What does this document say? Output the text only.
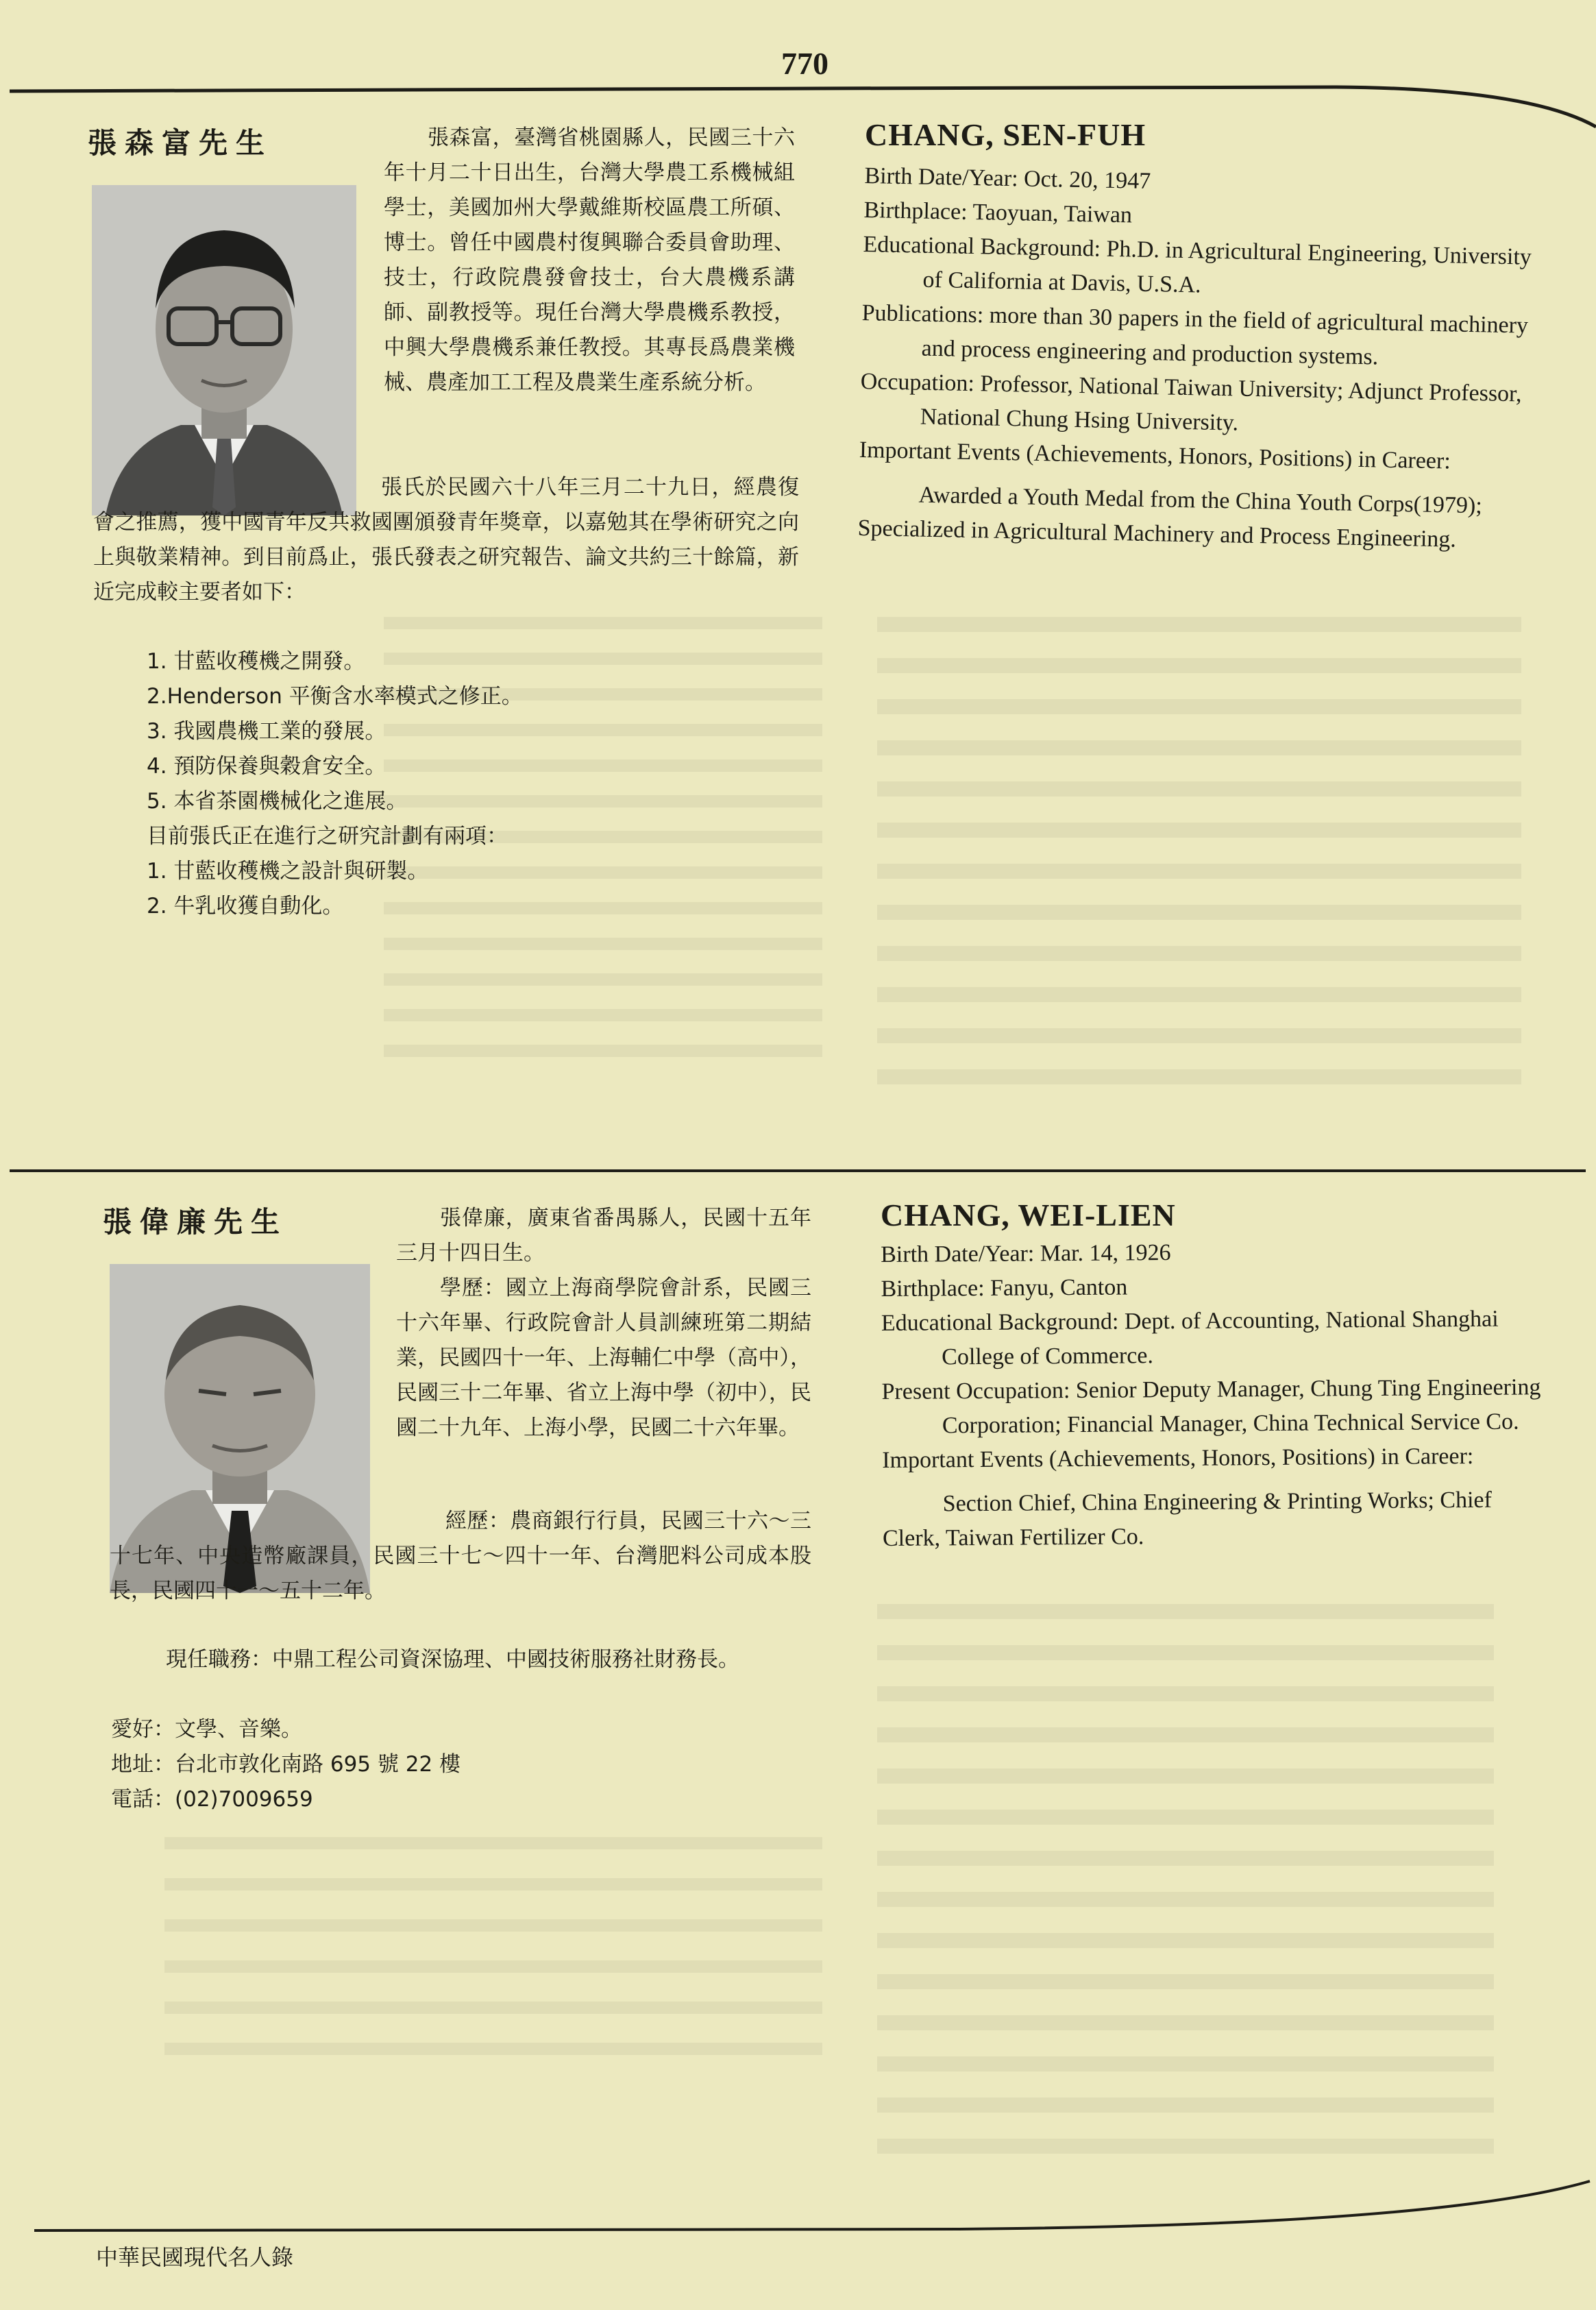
770
張森富先生	張森富，臺灣省桃園縣人，民國三十六年十月二十日出生，台灣大學農工系機械組學士，美國加州大學戴維斯校區農工所碩、博士。曾任中國農村復興聯合委員會助理、技士，行政院農發會技士，台大農機系講師、副教授等。現任台灣大學農機系教授，中興大學農機系兼任教授。其專長爲農業機械、農產加工工程及農業生產系統分析。

張氏於民國六十八年三月二十九日，經農復會之推薦，獲中國青年反共救國團頒發青年獎章，以嘉勉其在學術研究之向上與敬業精神。到目前爲止，張氏發表之研究報告、論文共約三十餘篇，新近完成較主要者如下：

1. 甘藍收穫機之開發。
2.Henderson 平衡含水率模式之修正。
3. 我國農機工業的發展。
4. 預防保養與穀倉安全。
5. 本省茶園機械化之進展。
目前張氏正在進行之研究計劃有兩項：
1. 甘藍收穫機之設計與研製。
2. 牛乳收獲自動化。
CHANG, SEN-FUH

Birth Date/Year: Oct. 20, 1947

Birthplace: Taoyuan, Taiwan

Educational Background: Ph.D. in Agricultural Engineering, University of California at Davis, U.S.A.

Publications: more than 30 papers in the field of agricultural machinery and process engineering and production systems.

Occupation: Professor, National Taiwan University; Adjunct Professor, National Chung Hsing University.

Important Events (Achievements, Honors, Positions) in Career:

Awarded a Youth Medal from the China Youth Corps(1979); Specialized in Agricultural Machinery and Process Engineering.

張偉廉先生	張偉廉，廣東省番禺縣人，民國十五年三月十四日生。

學歷：國立上海商學院會計系，民國三十六年畢、行政院會計人員訓練班第二期結業，民國四十一年、上海輔仁中學（高中），民國三十二年畢、省立上海中學（初中），民國二十九年、上海小學，民國二十六年畢。

經歷：農商銀行行員，民國三十六～三十七年、中央造幣廠課員，民國三十七～四十一年、台灣肥料公司成本股長，民國四十一～五十二年。

現任職務：中鼎工程公司資深協理、中國技術服務社財務長。

愛好：文學、音樂。
地址：台北市敦化南路 695 號 22 樓
電話：(02)7009659
CHANG, WEI-LIEN

Birth Date/Year: Mar. 14, 1926

Birthplace: Fanyu, Canton

Educational Background: Dept. of Accounting, National Shanghai College of Commerce.

Present Occupation: Senior Deputy Manager, Chung Ting Engineering Corporation; Financial Manager, China Technical Service Co.

Important Events (Achievements, Honors, Positions) in Career:

Section Chief, China Engineering & Printing Works; Chief Clerk, Taiwan Fertilizer Co.

中華民國現代名人錄
